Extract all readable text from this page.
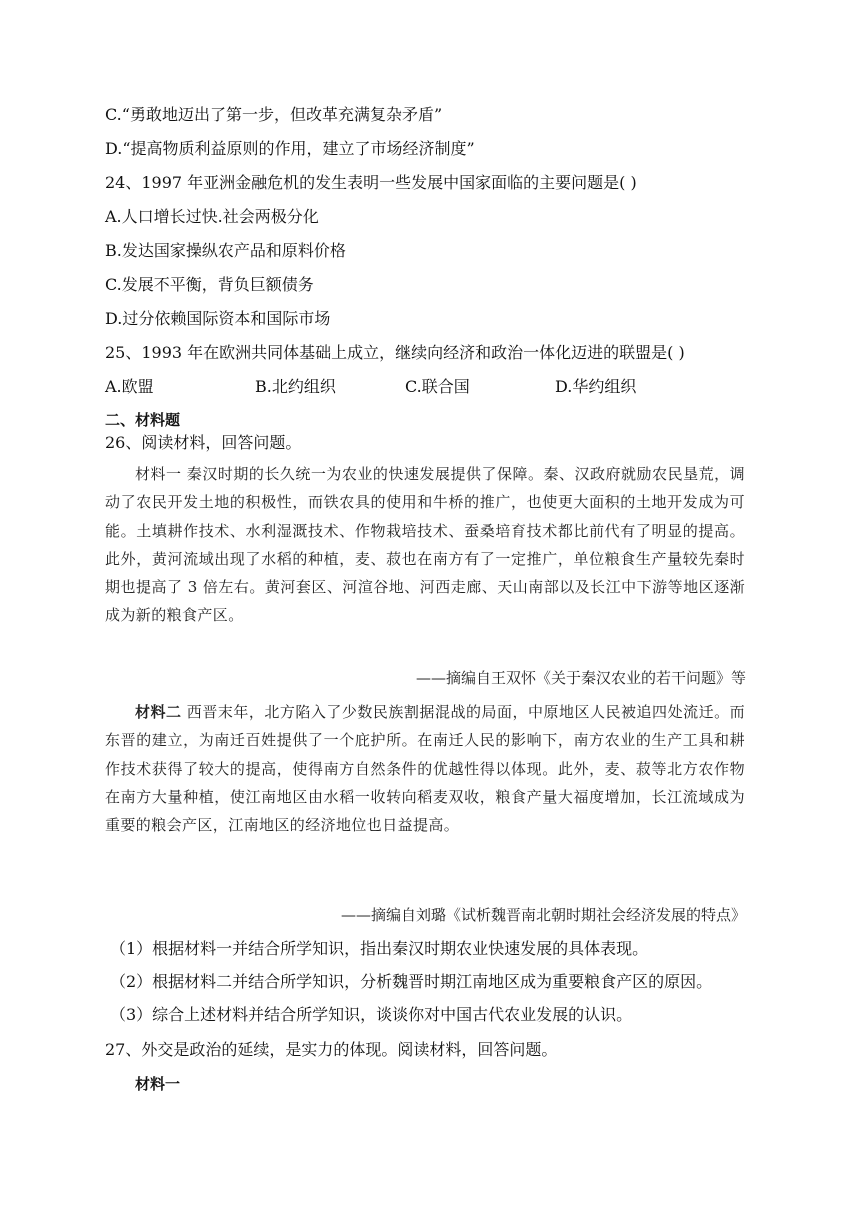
C.“勇敢地迈出了第一步，但改革充满复杂矛盾”
D.“提高物质利益原则的作用，建立了市场经济制度”
24、1997 年亚洲金融危机的发生表明一些发展中国家面临的主要问题是( )
A.人口增长过快.社会两极分化
B.发达国家操纵农产品和原料价格
C.发展不平衡，背负巨额债务
D.过分依赖国际资本和国际市场
25、1993 年在欧洲共同体基础上成立，继续向经济和政治一体化迈进的联盟是( )
A.欧盟	B.北约组织	C.联合国	D.华约组织
二、材料题
26、阅读材料，回答问题。
材料一 秦汉时期的长久统一为农业的快速发展提供了保障。秦、汉政府就励农民垦荒，调动了农民开发土地的积极性，而铁农具的使用和牛桥的推广，也使更大面积的土地开发成为可能。土填耕作技术、水利湿溉技术、作物栽培技术、蚕桑培育技术都比前代有了明显的提高。此外，黄河流域出现了水稻的种植，麦、菽也在南方有了一定推广，单位粮食生产量较先秦时期也提高了 3 倍左右。黄河套区、河渲谷地、河西走廊、天山南部以及长江中下游等地区逐渐成为新的粮食产区。
——摘编自王双怀《关于秦汉农业的若干问题》等
材料二 西晋末年，北方陷入了少数民族割据混战的局面，中原地区人民被追四处流迁。而东晋的建立，为南迁百姓提供了一个庇护所。在南迁人民的影响下，南方农业的生产工具和耕作技术获得了较大的提高，使得南方自然条件的优越性得以体现。此外，麦、菽等北方农作物在南方大量种植，使江南地区由水稻一收转向稻麦双收，粮食产量大福度增加，长江流域成为重要的粮会产区，江南地区的经济地位也日益提高。
——摘编自刘璐《试析魏晋南北朝时期社会经济发展的特点》
（1）根据材料一并结合所学知识，指出秦汉时期农业快速发展的具体表现。
（2）根据材料二并结合所学知识，分析魏晋时期江南地区成为重要粮食产区的原因。
（3）综合上述材料并结合所学知识，谈谈你对中国古代农业发展的认识。
27、外交是政治的延续，是实力的体现。阅读材料，回答问题。
材料一
